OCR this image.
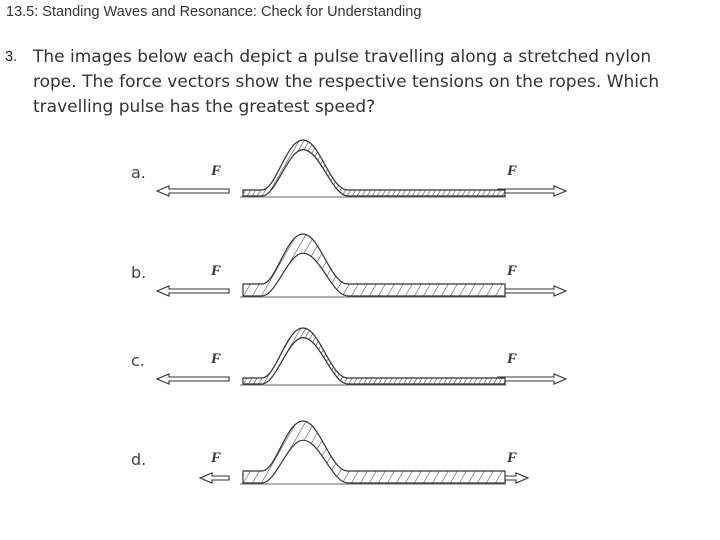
13.5: Standing Waves and Resonance: Check for Understanding
3. The images below each depict a pulse travelling along a stretched nylon
rope. The force vectors show the respective tensions on the ropes. Which
travelling pulse has the greatest speed?
a.	F	F
b.	F	F
c.	F	F
d.	F	F
